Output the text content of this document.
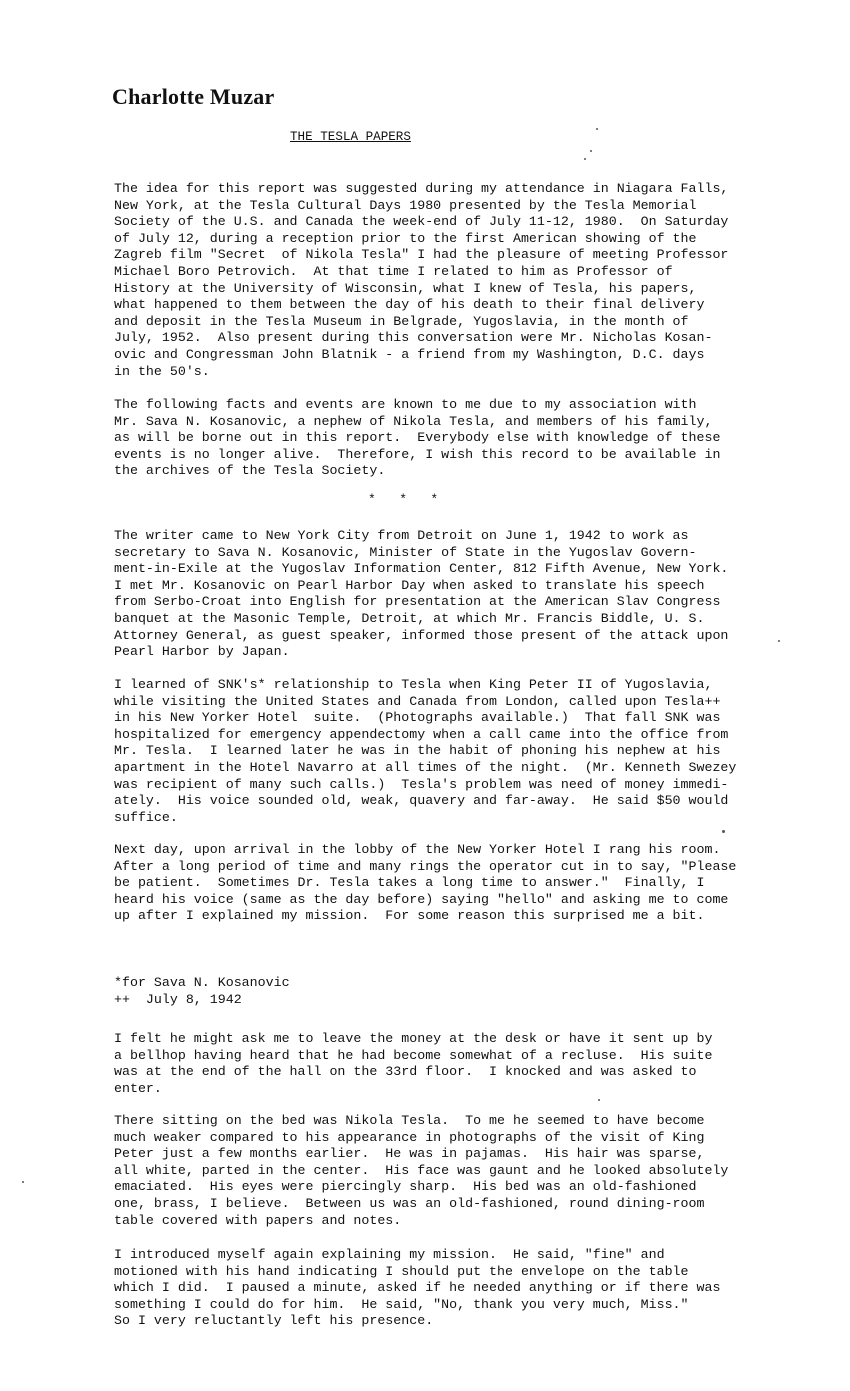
Charlotte Muzar
THE TESLA PAPERS
The idea for this report was suggested during my attendance in Niagara Falls,
New York, at the Tesla Cultural Days 1980 presented by the Tesla Memorial
Society of the U.S. and Canada the week-end of July 11-12, 1980.  On Saturday
of July 12, during a reception prior to the first American showing of the
Zagreb film "Secret  of Nikola Tesla" I had the pleasure of meeting Professor
Michael Boro Petrovich.  At that time I related to him as Professor of
History at the University of Wisconsin, what I knew of Tesla, his papers,
what happened to them between the day of his death to their final delivery
and deposit in the Tesla Museum in Belgrade, Yugoslavia, in the month of
July, 1952.  Also present during this conversation were Mr. Nicholas Kosan-
ovic and Congressman John Blatnik - a friend from my Washington, D.C. days
in the 50's.
The following facts and events are known to me due to my association with
Mr. Sava N. Kosanovic, a nephew of Nikola Tesla, and members of his family,
as will be borne out in this report.  Everybody else with knowledge of these
events is no longer alive.  Therefore, I wish this record to be available in
the archives of the Tesla Society.
*   *   *
The writer came to New York City from Detroit on June 1, 1942 to work as
secretary to Sava N. Kosanovic, Minister of State in the Yugoslav Govern-
ment-in-Exile at the Yugoslav Information Center, 812 Fifth Avenue, New York.
I met Mr. Kosanovic on Pearl Harbor Day when asked to translate his speech
from Serbo-Croat into English for presentation at the American Slav Congress
banquet at the Masonic Temple, Detroit, at which Mr. Francis Biddle, U. S.
Attorney General, as guest speaker, informed those present of the attack upon
Pearl Harbor by Japan.
I learned of SNK's* relationship to Tesla when King Peter II of Yugoslavia,
while visiting the United States and Canada from London, called upon Tesla++
in his New Yorker Hotel  suite.  (Photographs available.)  That fall SNK was
hospitalized for emergency appendectomy when a call came into the office from
Mr. Tesla.  I learned later he was in the habit of phoning his nephew at his
apartment in the Hotel Navarro at all times of the night.  (Mr. Kenneth Swezey
was recipient of many such calls.)  Tesla's problem was need of money immedi-
ately.  His voice sounded old, weak, quavery and far-away.  He said $50 would
suffice.
Next day, upon arrival in the lobby of the New Yorker Hotel I rang his room.
After a long period of time and many rings the operator cut in to say, "Please
be patient.  Sometimes Dr. Tesla takes a long time to answer."  Finally, I
heard his voice (same as the day before) saying "hello" and asking me to come
up after I explained my mission.  For some reason this surprised me a bit.
*for Sava N. Kosanovic
++  July 8, 1942
I felt he might ask me to leave the money at the desk or have it sent up by
a bellhop having heard that he had become somewhat of a recluse.  His suite
was at the end of the hall on the 33rd floor.  I knocked and was asked to
enter.
There sitting on the bed was Nikola Tesla.  To me he seemed to have become
much weaker compared to his appearance in photographs of the visit of King
Peter just a few months earlier.  He was in pajamas.  His hair was sparse,
all white, parted in the center.  His face was gaunt and he looked absolutely
emaciated.  His eyes were piercingly sharp.  His bed was an old-fashioned
one, brass, I believe.  Between us was an old-fashioned, round dining-room
table covered with papers and notes.
I introduced myself again explaining my mission.  He said, "fine" and
motioned with his hand indicating I should put the envelope on the table
which I did.  I paused a minute, asked if he needed anything or if there was
something I could do for him.  He said, "No, thank you very much, Miss."
So I very reluctantly left his presence.
